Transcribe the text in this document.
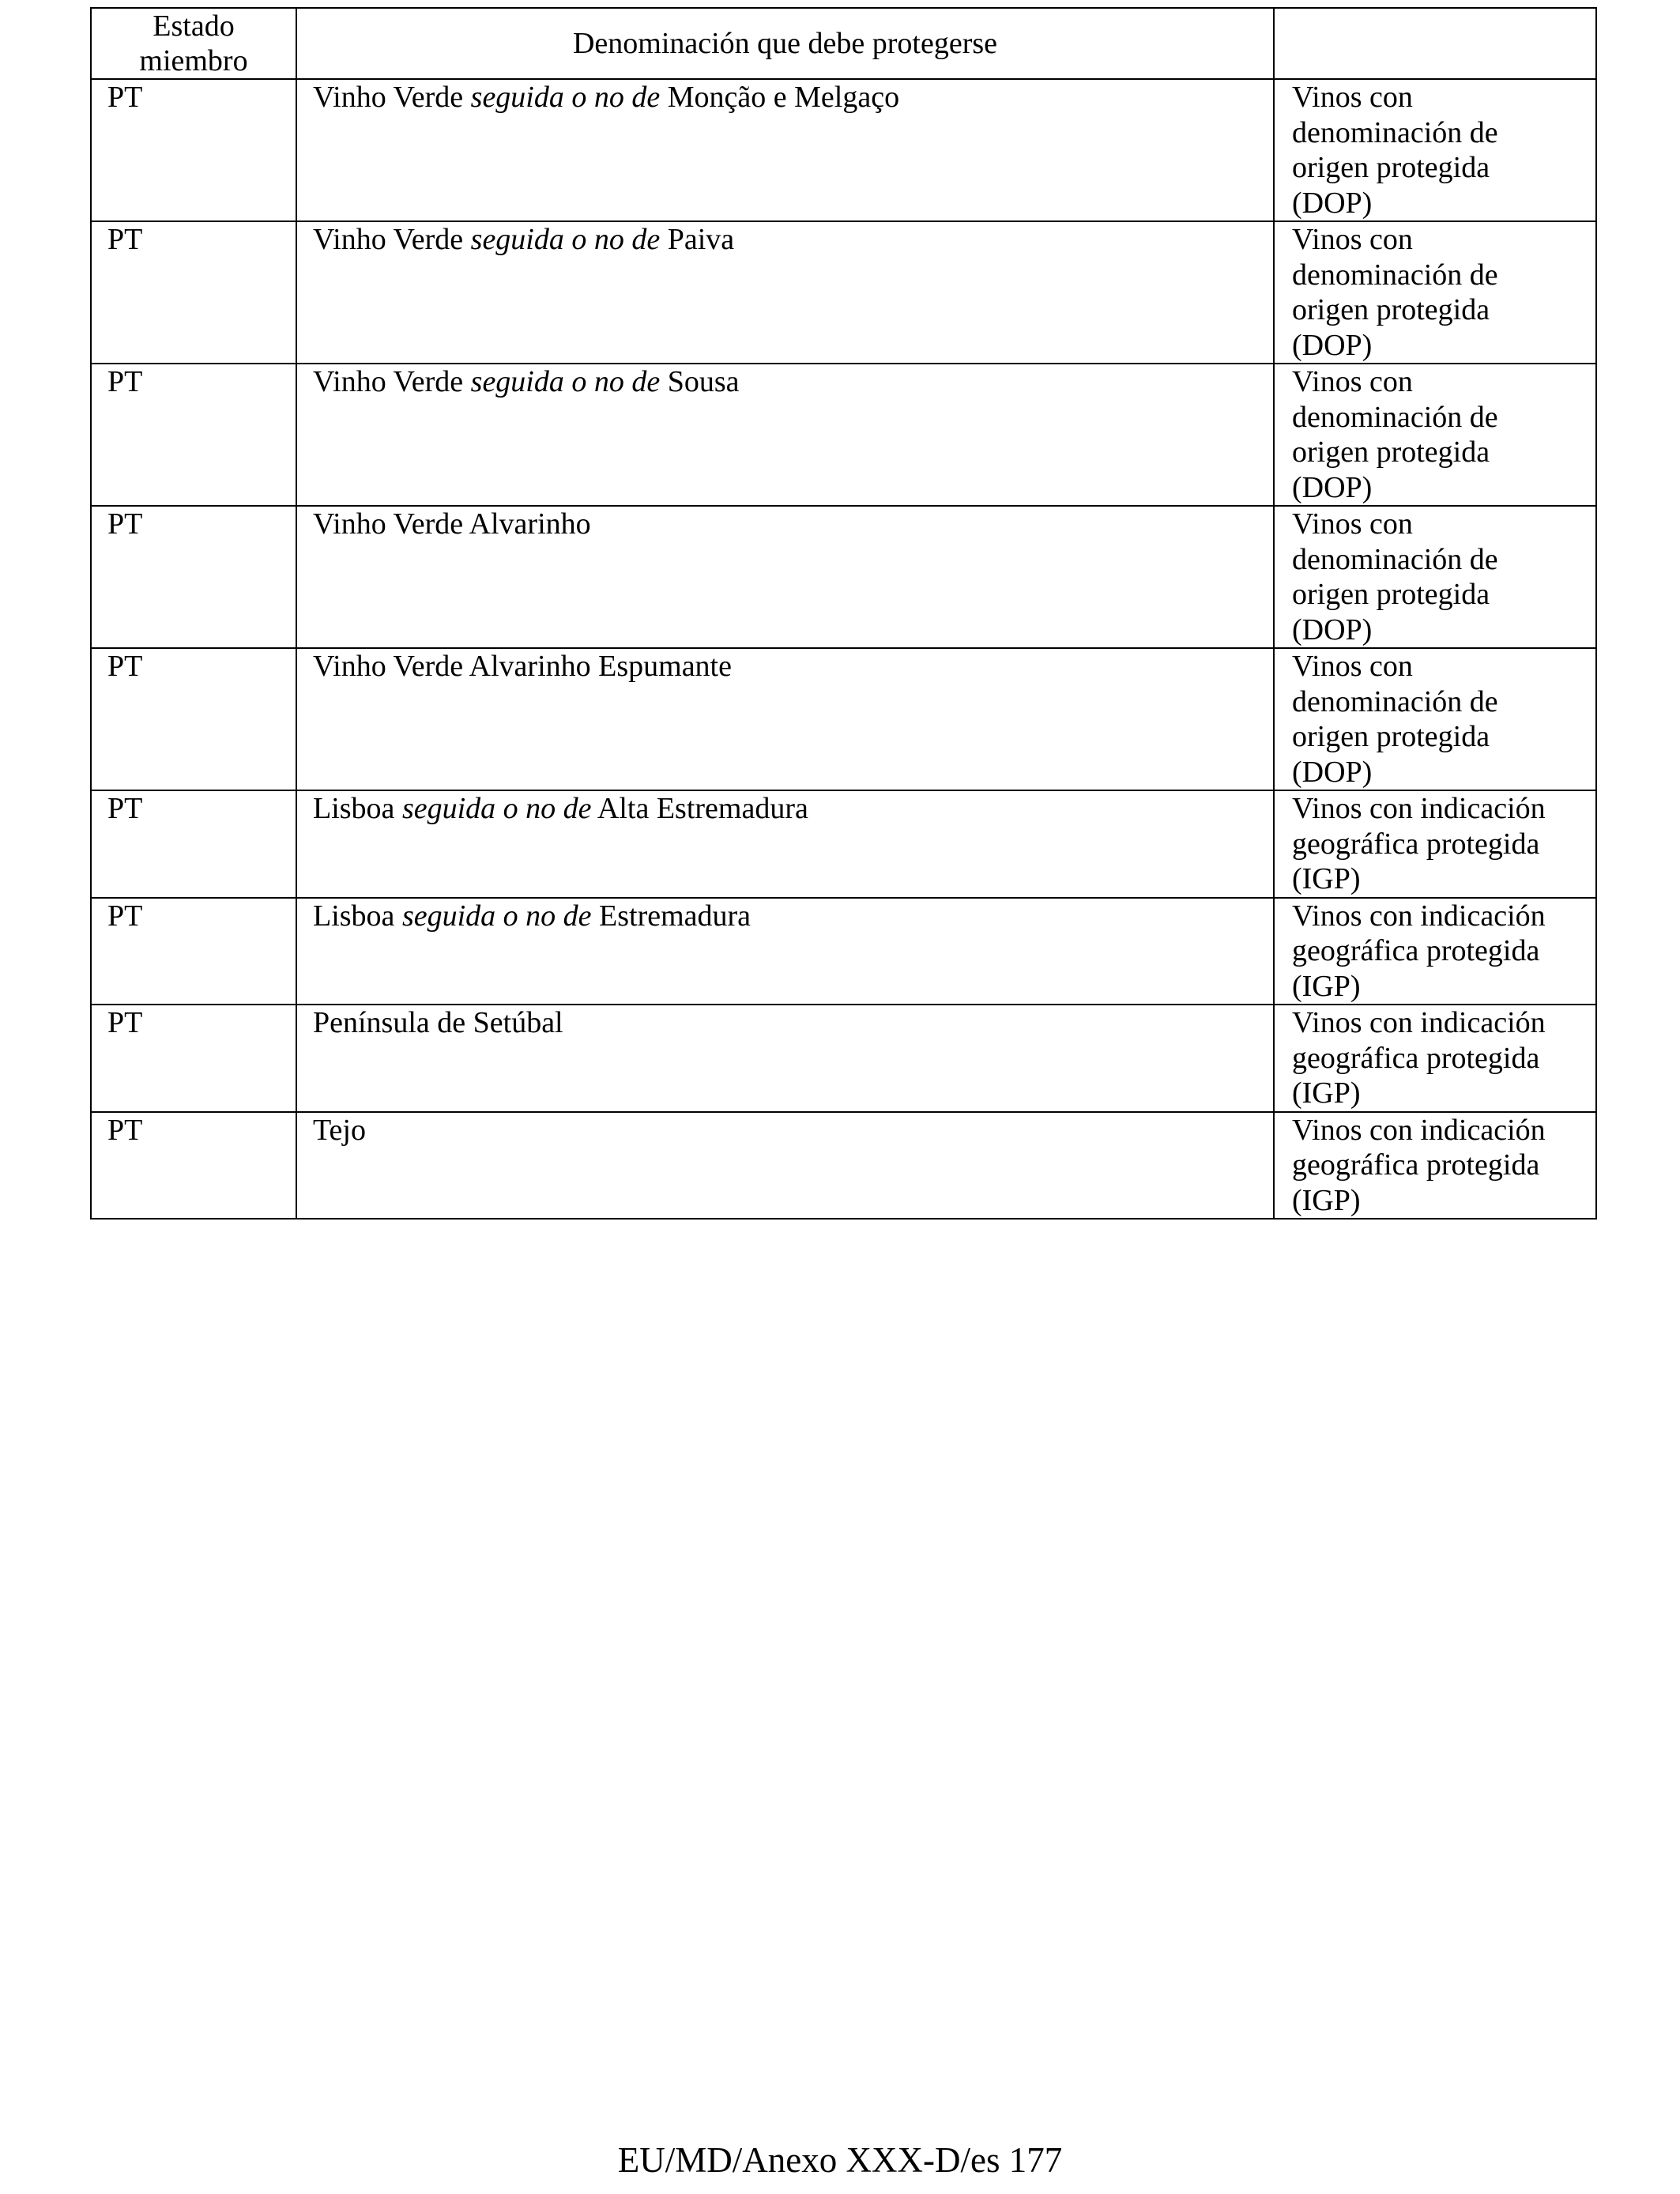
Estado
miembro	Denominación que debe protegerse	
PT	Vinho Verde seguida o no de Monção e Melgaço	Vinos con
denominación de
origen protegida
(DOP)

PT	Vinho Verde seguida o no de Paiva	Vinos con
denominación de
origen protegida
(DOP)

PT	Vinho Verde seguida o no de Sousa	Vinos con
denominación de
origen protegida
(DOP)

PT	Vinho Verde Alvarinho	Vinos con
denominación de
origen protegida
(DOP)

PT	Vinho Verde Alvarinho Espumante	Vinos con
denominación de
origen protegida
(DOP)

PT	Lisboa seguida o no de Alta Estremadura	Vinos con indicación
geográfica protegida
(IGP)

PT	Lisboa seguida o no de Estremadura	Vinos con indicación
geográfica protegida
(IGP)

PT	Península de Setúbal	Vinos con indicación
geográfica protegida
(IGP)

PT	Tejo	Vinos con indicación
geográfica protegida
(IGP)
EU/MD/Anexo XXX-D/es 177
